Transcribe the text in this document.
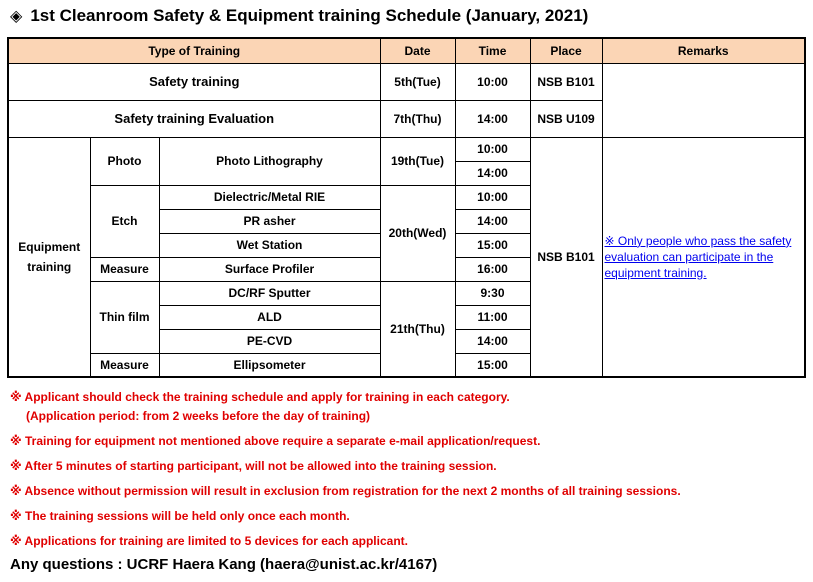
◈ 1st Cleanroom Safety & Equipment training Schedule (January, 2021)
Type of Training			Date	Time	Place	Remarks
Safety training			5th(Tue)	10:00	NSB B101	
Safety training Evaluation			7th(Thu)	14:00	NSB U109	
Equipment training	Photo	Photo Lithography	19th(Tue)	10:00	NSB B101	※ Only people who pass the safety evaluation can participate in the equipment training.

				14:00		
	Etch	Dielectric/Metal RIE	20th(Wed)	10:00		
		PR asher		14:00		
		Wet Station		15:00		
	Measure	Surface Profiler		16:00		
	Thin film	DC/RF Sputter	21th(Thu)	9:30		
		ALD		11:00		
		PE-CVD		14:00		
	Measure	Ellipsometer		15:00		
※ Applicant should check the training schedule and apply for training in each category.
(Application period: from 2 weeks before the day of training)
※ Training for equipment not mentioned above require a separate e-mail application/request.
※ After 5 minutes of starting participant, will not be allowed into the training session.
※ Absence without permission will result in exclusion from registration for the next 2 months of all training sessions.
※ The training sessions will be held only once each month.
※ Applications for training are limited to 5 devices for each applicant.
Any questions : UCRF Haera Kang (haera@unist.ac.kr/4167)
